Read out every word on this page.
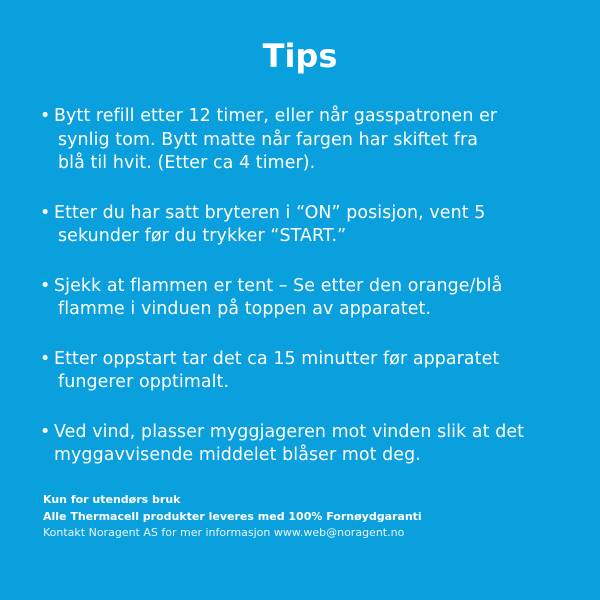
Tips
• Bytt refill etter 12 timer, eller når gasspatronen er
synlig tom. Bytt matte når fargen har skiftet fra
blå til hvit. (Etter ca 4 timer).
• Etter du har satt bryteren i “ON” posisjon, vent 5
sekunder før du trykker “START.”
• Sjekk at flammen er tent – Se etter den orange/blå
flamme i vinduen på toppen av apparatet.
• Etter oppstart tar det ca 15 minutter før apparatet
fungerer opptimalt.
• Ved vind, plasser myggjageren mot vinden slik at det
myggavvisende middelet blåser mot deg.
Kun for utendørs bruk
Alle Thermacell produkter leveres med 100% Fornøydgaranti
Kontakt Noragent AS for mer informasjon www.web@noragent.no
